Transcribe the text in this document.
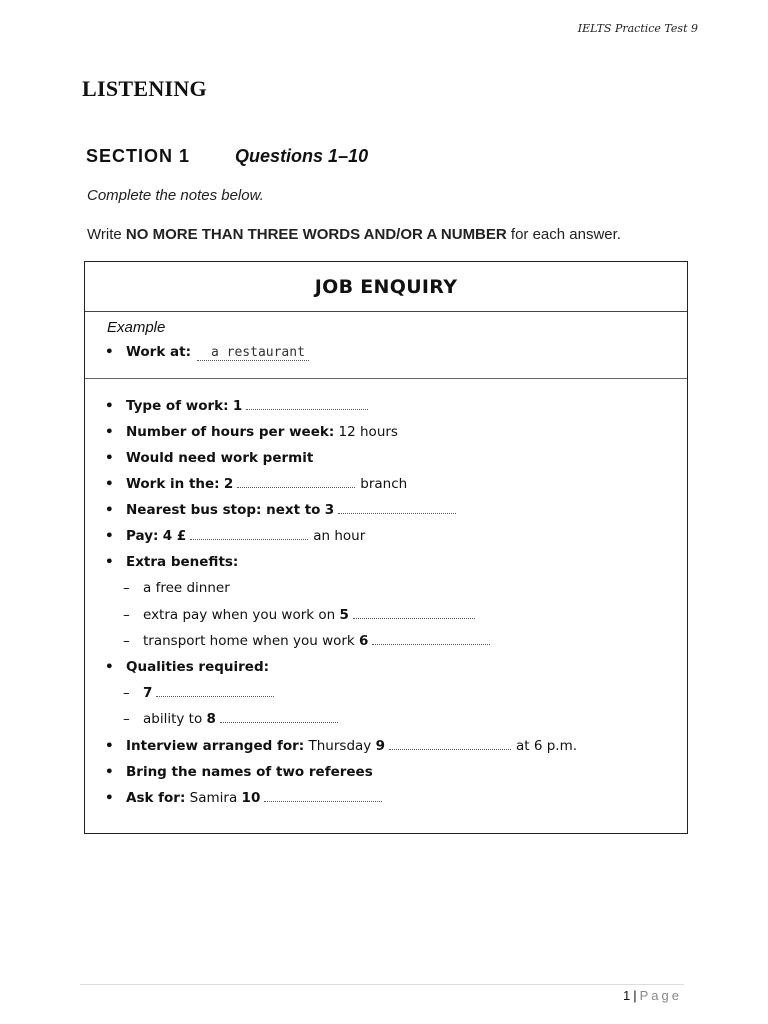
IELTS Practice Test 9
LISTENING
SECTION 1	Questions 1–10
Complete the notes below.
Write NO MORE THAN THREE WORDS AND/OR A NUMBER for each answer.
JOB ENQUIRY
Example
• Work at:	a restaurant
• Type of work:
1
• Number of hours per week:
12 hours
• Would need work permit
• Work in the:
2	branch
• Nearest bus stop: next to
3
• Pay:
4 £	an hour
• Extra benefits:
– a free dinner
– extra pay when you work on
5
– transport home when you work
6
• Qualities required:
– 7
– ability to
8
• Interview arranged for:
Thursday
9	at 6 p.m.
• Bring the names of two referees
• Ask for:
Samira
10
1 | Page
